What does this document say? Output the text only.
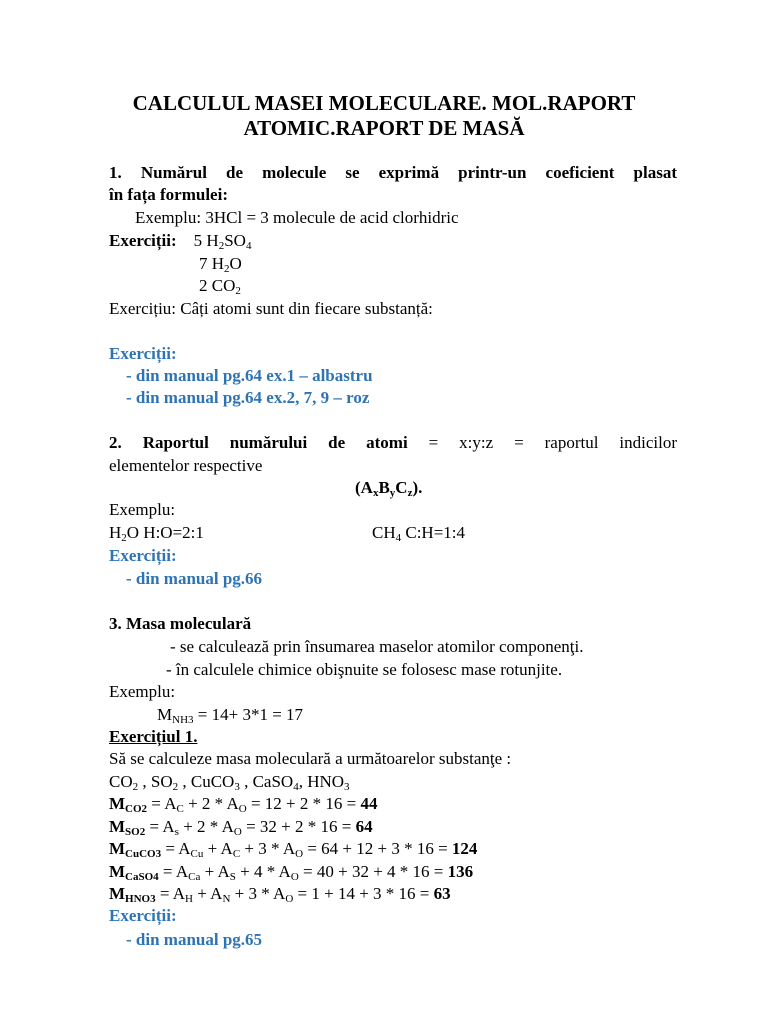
CALCULUL MASEI MOLECULARE. MOL.RAPORT
ATOMIC.RAPORT DE MASĂ
1. Numărul de molecule se exprimă printr-un coeficient plasat
în fața formulei:
Exemplu: 3HCl = 3 molecule de acid clorhidric
Exerciții: 5 $H_2SO_4$
7 $H_2O$
2 $CO_2$
Exercițiu: Câți atomi sunt din fiecare substanță:
Exerciții:
- din manual pg.64 ex.1 – albastru
- din manual pg.64 ex.2, 7, 9 – roz
2. Raportul numărului de atomi = x:y:z = raportul indicilor
elementelor respective
$(A_xB_yC_z)$.
Exemplu:
$H_2O$ H:O=2:1	$CH_4$ C:H=1:4
Exerciții:
- din manual pg.66
3. Masa moleculară
- se calculează prin însumarea maselor atomilor componenţi.
- în calculele chimice obişnuite se folosesc mase rotunjite.
Exemplu:
$M_{NH3} = 14+ 3*1 = 17$
Exercițiul 1.
Să se calculeze masa moleculară a următoarelor substanţe :
$CO_2$ , $SO_2$ , CuCO$_3$ , CaSO$_4$, $HNO_3$
$M_{CO2} = A_C + 2 * A_O = 12 + 2 * 16 = 44$
$M_{SO2} = A_s + 2 * A_O = 32 + 2 * 16 = 64$
$M_{CuCO3} = A_{Cu} + A_C + 3 * A_O = 64 + 12 + 3 * 16 = 124$
$M_{CaSO4} = A_{Ca} + A_S + 4 * A_O = 40 + 32 + 4 * 16 = 136$
$M_{HNO3} = A_H + A_N + 3 * A_O = 1 + 14 + 3 * 16 = 63$
Exerciții:
- din manual pg.65
